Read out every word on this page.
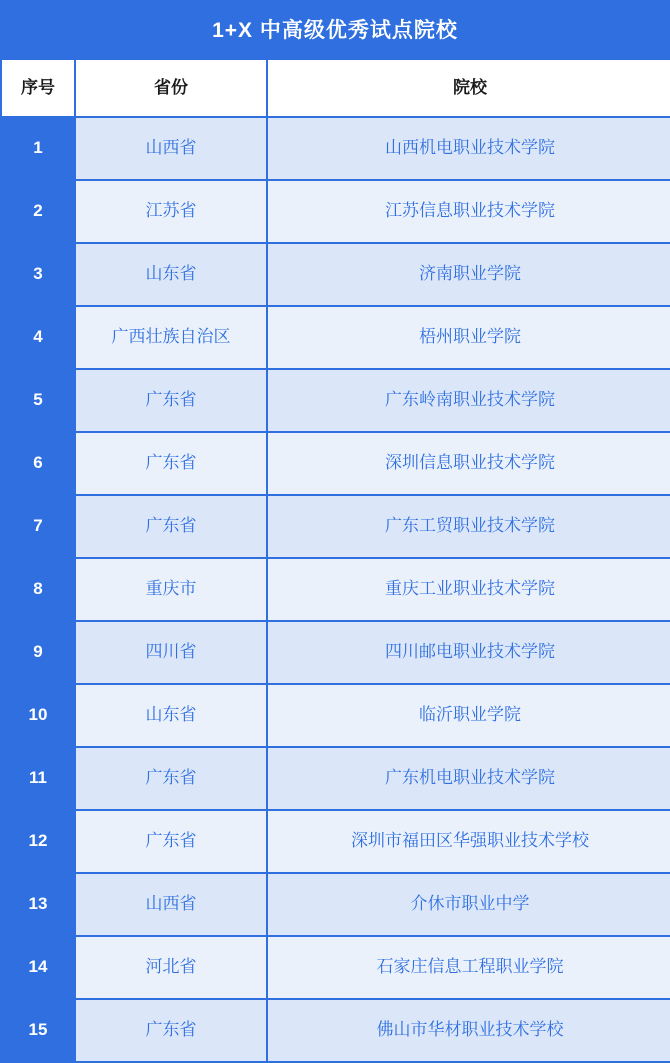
1+X 中高级优秀试点院校
序号	省份	院校
1	山西省	山西机电职业技术学院
2	江苏省	江苏信息职业技术学院
3	山东省	济南职业学院
4	广西壮族自治区	梧州职业学院
5	广东省	广东岭南职业技术学院
6	广东省	深圳信息职业技术学院
7	广东省	广东工贸职业技术学院
8	重庆市	重庆工业职业技术学院
9	四川省	四川邮电职业技术学院
10	山东省	临沂职业学院
11	广东省	广东机电职业技术学院
12	广东省	深圳市福田区华强职业技术学校
13	山西省	介休市职业中学
14	河北省	石家庄信息工程职业学院
15	广东省	佛山市华材职业技术学校
